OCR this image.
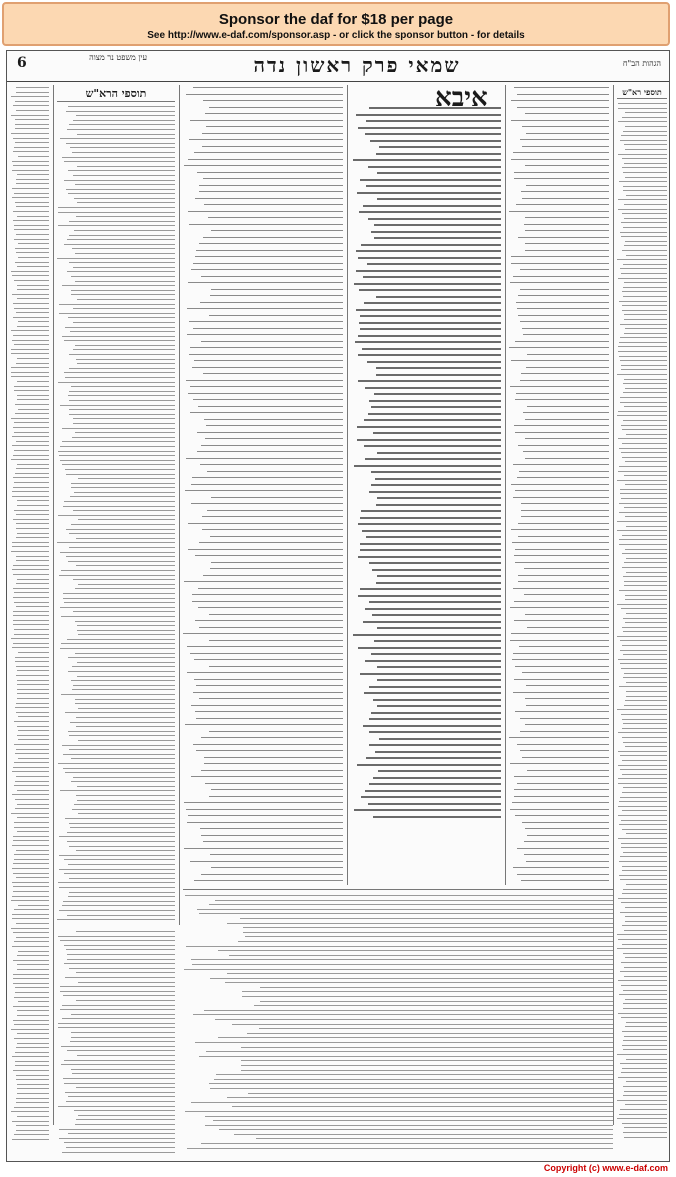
Sponsor the daf for $18 per page
See http://www.e-daf.com/sponsor.asp - or click the sponsor button - for details
6	עין משפט נר מצוה	שמאי פרק ראשון נדה	הגהות הב"ח
תוספי הרא"ש	איבא	תוספי רא"ש
Copyright (c) www.e-daf.com
